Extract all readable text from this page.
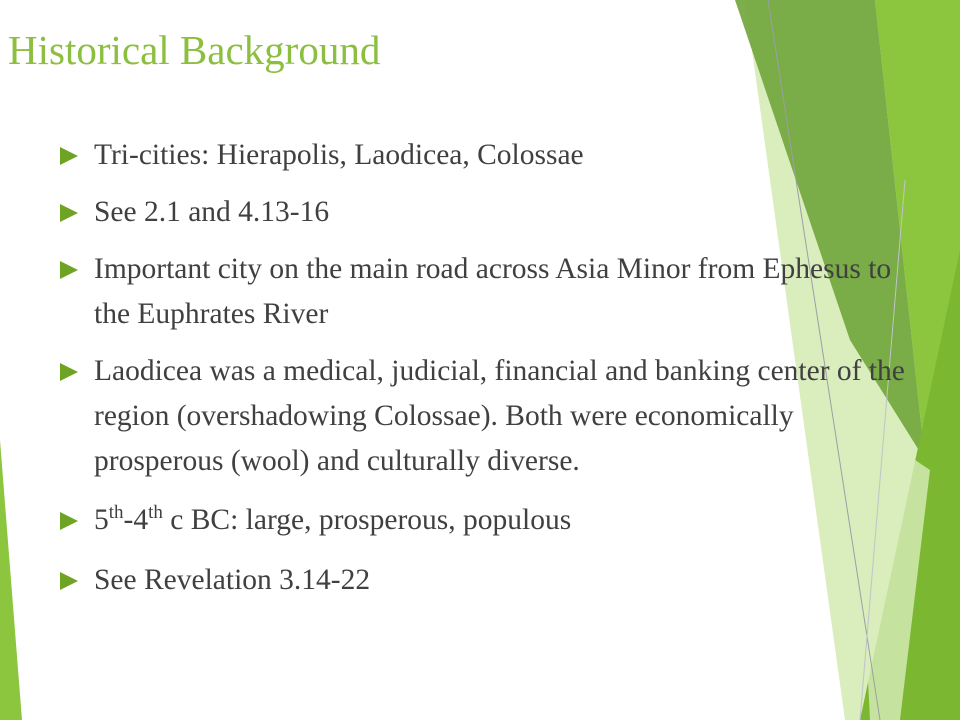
Historical Background
Tri-cities: Hierapolis, Laodicea, Colossae
See 2.1 and 4.13-16
Important city on the main road across Asia Minor from Ephesus to the Euphrates River
Laodicea was a medical, judicial, financial and banking center of the region (overshadowing Colossae). Both were economically prosperous (wool) and culturally diverse.
5th-4th c BC: large, prosperous, populous
See Revelation 3.14-22
